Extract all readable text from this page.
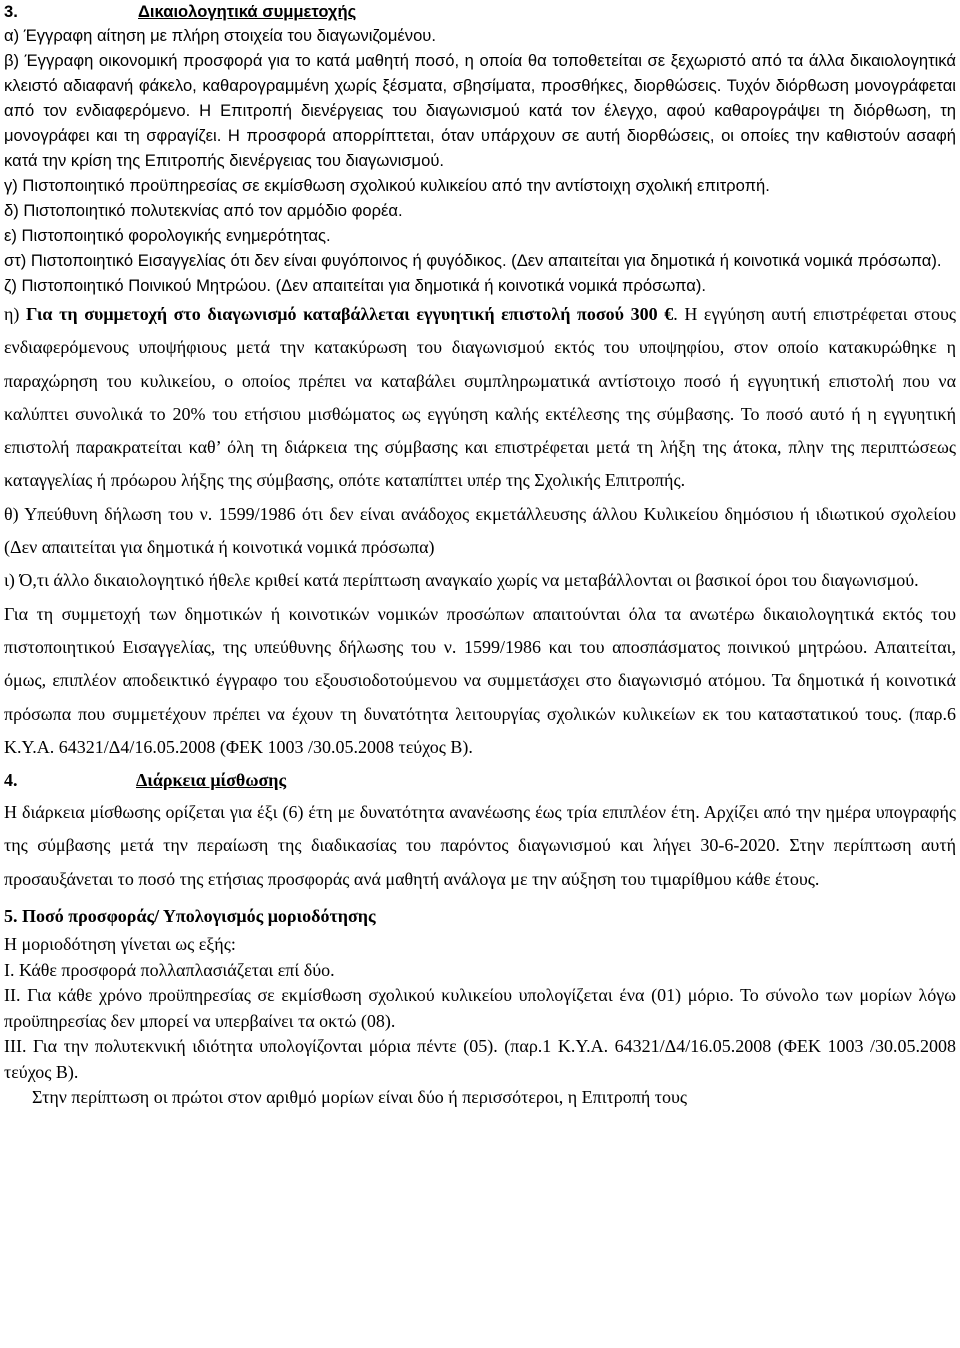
3.	Δικαιολογητικά συμμετοχής

α) Έγγραφη αίτηση με πλήρη στοιχεία του διαγωνιζομένου.

β) Έγγραφη οικονομική προσφορά για το κατά μαθητή ποσό, η οποία θα τοποθετείται σε ξεχωριστό από τα άλλα δικαιολογητικά κλειστό αδιαφανή φάκελο, καθαρογραμμένη χωρίς ξέσματα, σβησίματα, προσθήκες, διορθώσεις. Τυχόν διόρθωση μονογράφεται από τον ενδιαφερόμενο. Η Επιτροπή διενέργειας του διαγωνισμού κατά τον έλεγχο, αφού καθαρογράψει τη διόρθωση, τη μονογράφει και τη σφραγίζει. Η προσφορά απορρίπτεται, όταν υπάρχουν σε αυτή διορθώσεις, οι οποίες την καθιστούν ασαφή κατά την κρίση της Επιτροπής διενέργειας του διαγωνισμού.

γ) Πιστοποιητικό προϋπηρεσίας σε εκμίσθωση σχολικού κυλικείου από την αντίστοιχη σχολική επιτροπή.

δ) Πιστοποιητικό πολυτεκνίας από τον αρμόδιο φορέα.

ε) Πιστοποιητικό φορολογικής ενημερότητας.

στ) Πιστοποιητικό Εισαγγελίας ότι δεν είναι φυγόποινος ή φυγόδικος. (Δεν απαιτείται για δημοτικά ή κοινοτικά νομικά πρόσωπα).

ζ) Πιστοποιητικό Ποινικού Μητρώου. (Δεν απαιτείται για δημοτικά ή κοινοτικά νομικά πρόσωπα).

η) Για τη συμμετοχή στο διαγωνισμό καταβάλλεται εγγυητική επιστολή ποσού 300 €. Η εγγύηση αυτή επιστρέφεται στους ενδιαφερόμενους υποψήφιους μετά την κατακύρωση του διαγωνισμού εκτός του υποψηφίου, στον οποίο κατακυρώθηκε η παραχώρηση του κυλικείου, ο οποίος πρέπει να καταβάλει συμπληρωματικά αντίστοιχο ποσό ή εγγυητική επιστολή που να καλύπτει συνολικά το 20% του ετήσιου μισθώματος ως εγγύηση καλής εκτέλεσης της σύμβασης. Το ποσό αυτό ή η εγγυητική επιστολή παρακρατείται καθ’ όλη τη διάρκεια της σύμβασης και επιστρέφεται μετά τη λήξη της άτοκα, πλην της περιπτώσεως καταγγελίας ή πρόωρου λήξης της σύμβασης, οπότε καταπίπτει υπέρ της Σχολικής Επιτροπής.

θ) Υπεύθυνη δήλωση του ν. 1599/1986 ότι δεν είναι ανάδοχος εκμετάλλευσης άλλου Κυλικείου δημόσιου ή ιδιωτικού σχολείου (Δεν απαιτείται για δημοτικά ή κοινοτικά νομικά πρόσωπα)

ι) Ό,τι άλλο δικαιολογητικό ήθελε κριθεί κατά περίπτωση αναγκαίο χωρίς να μεταβάλλονται οι βασικοί όροι του διαγωνισμού.

Για τη συμμετοχή των δημοτικών ή κοινοτικών νομικών προσώπων απαιτούνται όλα τα ανωτέρω δικαιολογητικά εκτός του πιστοποιητικού Εισαγγελίας, της υπεύθυνης δήλωσης του ν. 1599/1986 και του αποσπάσματος ποινικού μητρώου. Απαιτείται, όμως, επιπλέον αποδεικτικό έγγραφο του εξουσιοδοτούμενου να συμμετάσχει στο διαγωνισμό ατόμου. Τα δημοτικά ή κοινοτικά πρόσωπα που συμμετέχουν πρέπει να έχουν τη δυνατότητα λειτουργίας σχολικών κυλικείων εκ του καταστατικού τους. (παρ.6 Κ.Υ.Α. 64321/Δ4/16.05.2008 (ΦΕΚ 1003 /30.05.2008 τεύχος Β).

4.	Διάρκεια μίσθωσης

Η διάρκεια μίσθωσης ορίζεται για έξι (6) έτη με δυνατότητα ανανέωσης έως τρία επιπλέον έτη. Αρχίζει από την ημέρα υπογραφής της σύμβασης μετά την περαίωση της διαδικασίας του παρόντος διαγωνισμού και λήγει 30-6-2020. Στην περίπτωση αυτή προσαυξάνεται το ποσό της ετήσιας προσφοράς ανά μαθητή ανάλογα με την αύξηση του τιμαρίθμου κάθε έτους.

5. Ποσό προσφοράς/ Υπολογισμός μοριοδότησης

Η μοριοδότηση γίνεται ως εξής:

Ι. Κάθε προσφορά πολλαπλασιάζεται επί δύο.

ΙΙ. Για κάθε χρόνο προϋπηρεσίας σε εκμίσθωση σχολικού κυλικείου υπολογίζεται ένα (01) μόριο. Το σύνολο των μορίων λόγω προϋπηρεσίας δεν μπορεί να υπερβαίνει τα οκτώ (08).

ΙΙΙ. Για την πολυτεκνική ιδιότητα υπολογίζονται μόρια πέντε (05). (παρ.1 Κ.Υ.Α. 64321/Δ4/16.05.2008 (ΦΕΚ 1003 /30.05.2008 τεύχος Β).

Στην περίπτωση οι πρώτοι στον αριθμό μορίων είναι δύο ή περισσότεροι, η Επιτροπή τους
